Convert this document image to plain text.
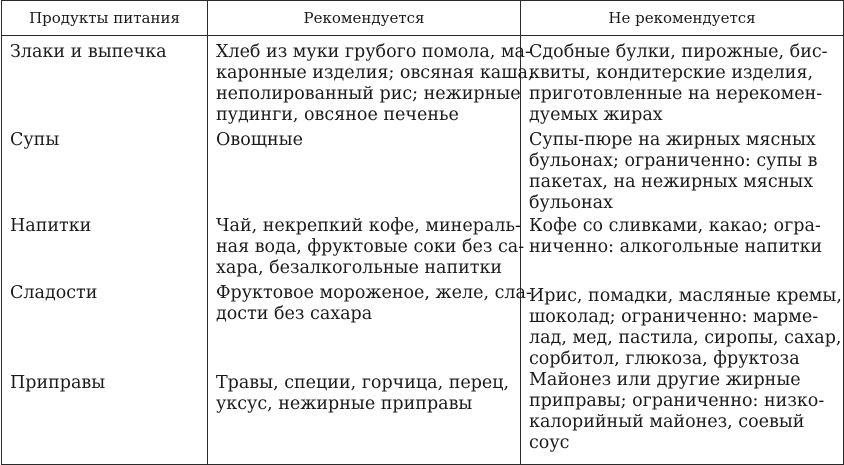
Продукты питания	Рекомендуется	Не рекомендуется
Злаки и выпечка	Хлеб из муки грубого помола, ма-
каронные изделия; овсяная каша,
неполированный рис; нежирные
пудинги, овсяное печенье	Сдобные булки, пирожные, бис-
квиты, кондитерские изделия,
приготовленные на нерекомен-
дуемых жирах

Супы	Овощные	Супы-пюре на жирных мясных
бульонах; ограниченно: супы в
пакетах, на нежирных мясных
бульонах

Напитки	Чай, некрепкий кофе, минераль-
ная вода, фруктовые соки без са-
хара, безалкогольные напитки	Кофе со сливками, какао; огра-
ниченно: алкогольные напитки

Сладости	Фруктовое мороженое, желе, сла-
дости без сахара	Ирис, помадки, масляные кремы,
шоколад; ограниченно: марме-
лад, мед, пастила, сиропы, сахар,
сорбитол, глюкоза, фруктоза

Приправы	Травы, специи, горчица, перец,
уксус, нежирные приправы	Майонез или другие жирные
приправы; ограниченно: низко-
калорийный майонез, соевый
соус
